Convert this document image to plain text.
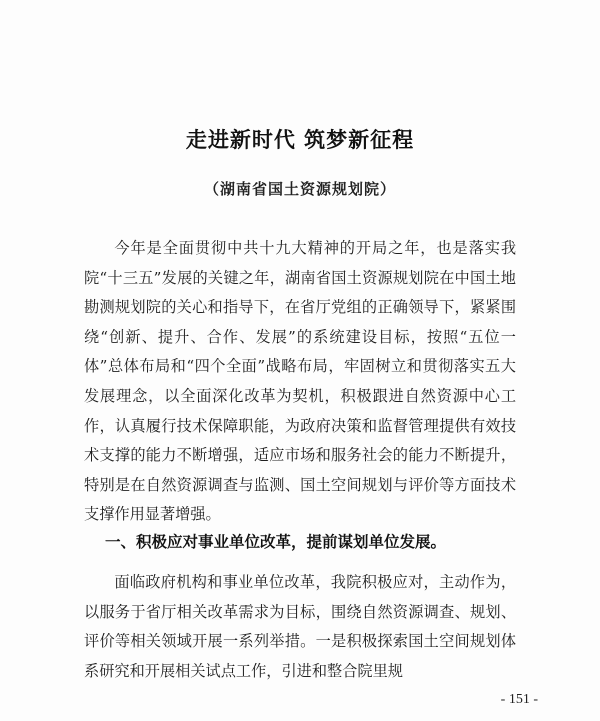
走进新时代 筑梦新征程
（湖南省国土资源规划院）

今年是全面贯彻中共十九大精神的开局之年，也是落实我院“十三五”发展的关键之年，湖南省国土资源规划院在中国土地勘测规划院的关心和指导下，在省厅党组的正确领导下，紧紧围绕“创新、提升、合作、发展”的系统建设目标，按照“五位一体”总体布局和“四个全面”战略布局，牢固树立和贯彻落实五大发展理念，以全面深化改革为契机，积极跟进自然资源中心工作，认真履行技术保障职能，为政府决策和监督管理提供有效技术支撑的能力不断增强，适应市场和服务社会的能力不断提升，特别是在自然资源调查与监测、国土空间规划与评价等方面技术支撑作用显著增强。

一、积极应对事业单位改革，提前谋划单位发展。

面临政府机构和事业单位改革，我院积极应对，主动作为，以服务于省厅相关改革需求为目标，围绕自然资源调查、规划、评价等相关领域开展一系列举措。一是积极探索国土空间规划体系研究和开展相关试点工作，引进和整合院里规

- 151 -
